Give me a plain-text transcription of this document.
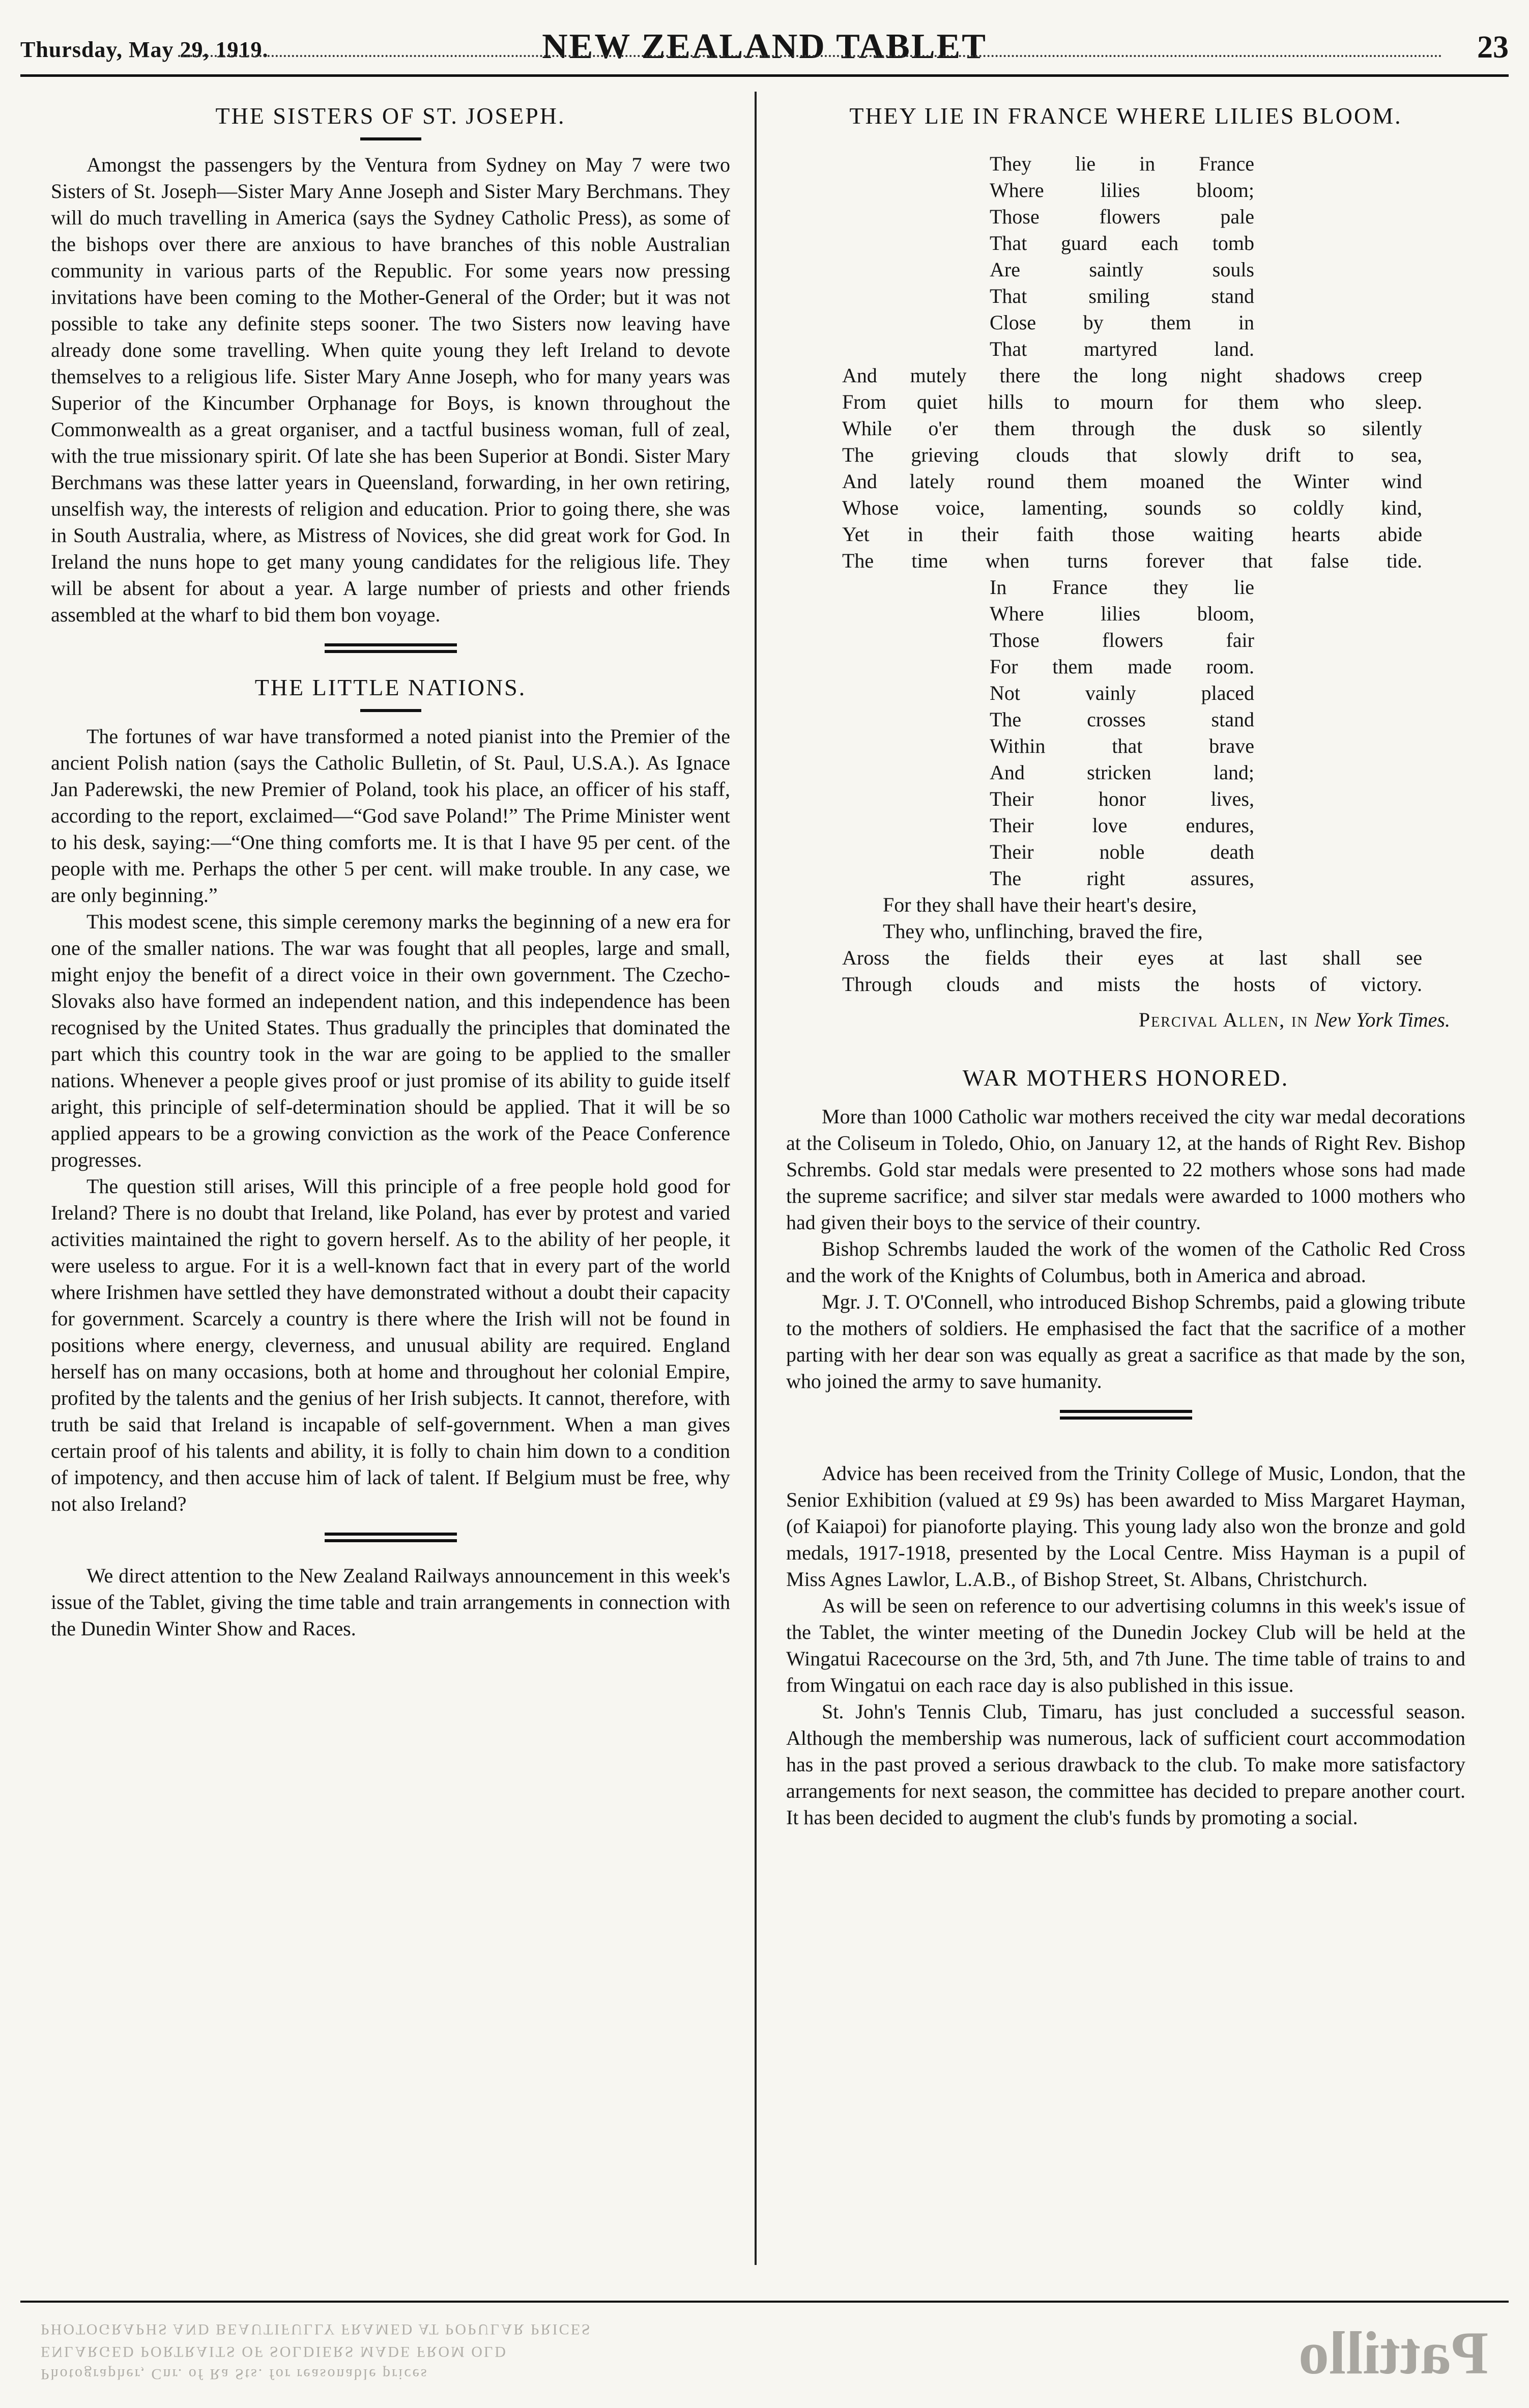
Thursday, May 29, 1919.	NEW ZEALAND TABLET	23
THE SISTERS OF ST. JOSEPH.

Amongst the passengers by the Ventura from Sydney on May 7 were two Sisters of St. Joseph—Sister Mary Anne Joseph and Sister Mary Berchmans. They will do much travelling in America (says the Sydney Catholic Press), as some of the bishops over there are anxious to have branches of this noble Australian community in various parts of the Republic. For some years now pressing invitations have been coming to the Mother-General of the Order; but it was not possible to take any definite steps sooner. The two Sisters now leaving have already done some travelling. When quite young they left Ireland to devote themselves to a religious life. Sister Mary Anne Joseph, who for many years was Superior of the Kincumber Orphanage for Boys, is known throughout the Commonwealth as a great organiser, and a tactful business woman, full of zeal, with the true missionary spirit. Of late she has been Superior at Bondi. Sister Mary Berchmans was these latter years in Queensland, forwarding, in her own retiring, unselfish way, the interests of religion and education. Prior to going there, she was in South Australia, where, as Mistress of Novices, she did great work for God. In Ireland the nuns hope to get many young candidates for the religious life. They will be absent for about a year. A large number of priests and other friends assembled at the wharf to bid them bon voyage.

THE LITTLE NATIONS.

The fortunes of war have transformed a noted pianist into the Premier of the ancient Polish nation (says the Catholic Bulletin, of St. Paul, U.S.A.). As Ignace Jan Paderewski, the new Premier of Poland, took his place, an officer of his staff, according to the report, exclaimed—“God save Poland!” The Prime Minister went to his desk, saying:—“One thing comforts me. It is that I have 95 per cent. of the people with me. Perhaps the other 5 per cent. will make trouble. In any case, we are only beginning.”

This modest scene, this simple ceremony marks the beginning of a new era for one of the smaller nations. The war was fought that all peoples, large and small, might enjoy the benefit of a direct voice in their own government. The Czecho-Slovaks also have formed an independent nation, and this independence has been recognised by the United States. Thus gradually the principles that dominated the part which this country took in the war are going to be applied to the smaller nations. Whenever a people gives proof or just promise of its ability to guide itself aright, this principle of self-determination should be applied. That it will be so applied appears to be a growing conviction as the work of the Peace Conference progresses.

The question still arises, Will this principle of a free people hold good for Ireland? There is no doubt that Ireland, like Poland, has ever by protest and varied activities maintained the right to govern herself. As to the ability of her people, it were useless to argue. For it is a well-known fact that in every part of the world where Irishmen have settled they have demonstrated without a doubt their capacity for government. Scarcely a country is there where the Irish will not be found in positions where energy, cleverness, and unusual ability are required. England herself has on many occasions, both at home and throughout her colonial Empire, profited by the talents and the genius of her Irish subjects. It cannot, therefore, with truth be said that Ireland is incapable of self-government. When a man gives certain proof of his talents and ability, it is folly to chain him down to a condition of impotency, and then accuse him of lack of talent. If Belgium must be free, why not also Ireland?

We direct attention to the New Zealand Railways announcement in this week's issue of the Tablet, giving the time table and train arrangements in connection with the Dunedin Winter Show and Races.

THEY LIE IN FRANCE WHERE LILIES BLOOM.
They lie in France
Where lilies bloom;
Those flowers pale
That guard each tomb
Are saintly souls
That smiling stand
Close by them in
That martyred land.
And mutely there the long night shadows creep
From quiet hills to mourn for them who sleep.
While o'er them through the dusk so silently
The grieving clouds that slowly drift to sea,
And lately round them moaned the Winter wind
Whose voice, lamenting, sounds so coldly kind,
Yet in their faith those waiting hearts abide
The time when turns forever that false tide.
In France they lie
Where lilies bloom,
Those flowers fair
For them made room.
Not vainly placed
The crosses stand
Within that brave
And stricken land;
Their honor lives,
Their love endures,
Their noble death
The right assures,
For they shall have their heart's desire,
They who, unflinching, braved the fire,
Aross the fields their eyes at last shall see
Through clouds and mists the hosts of victory.
Percival Allen, in New York Times.
WAR MOTHERS HONORED.

More than 1000 Catholic war mothers received the city war medal decorations at the Coliseum in Toledo, Ohio, on January 12, at the hands of Right Rev. Bishop Schrembs. Gold star medals were presented to 22 mothers whose sons had made the supreme sacrifice; and silver star medals were awarded to 1000 mothers who had given their boys to the service of their country.

Bishop Schrembs lauded the work of the women of the Catholic Red Cross and the work of the Knights of Columbus, both in America and abroad.

Mgr. J. T. O'Connell, who introduced Bishop Schrembs, paid a glowing tribute to the mothers of soldiers. He emphasised the fact that the sacrifice of a mother parting with her dear son was equally as great a sacrifice as that made by the son, who joined the army to save humanity.

Advice has been received from the Trinity College of Music, London, that the Senior Exhibition (valued at £9 9s) has been awarded to Miss Margaret Hayman, (of Kaiapoi) for pianoforte playing. This young lady also won the bronze and gold medals, 1917-1918, presented by the Local Centre. Miss Hayman is a pupil of Miss Agnes Lawlor, L.A.B., of Bishop Street, St. Albans, Christchurch.

As will be seen on reference to our advertising columns in this week's issue of the Tablet, the winter meeting of the Dunedin Jockey Club will be held at the Wingatui Racecourse on the 3rd, 5th, and 7th June. The time table of trains to and from Wingatui on each race day is also published in this issue.

St. John's Tennis Club, Timaru, has just concluded a successful season. Although the membership was numerous, lack of sufficient court accommodation has in the past proved a serious drawback to the club. To make more satisfactory arrangements for next season, the committee has decided to prepare another court. It has been decided to augment the club's funds by promoting a social.

Photographer, Cnr. of Ra Sts. for reasonable prices
ENLARGED PORTRAITS OF SOLDIERS MADE FROM OLD
PHOTOGRAPHS AND BEAUTIFULLY FRAMED AT POPULAR PRICES	Pattillo
